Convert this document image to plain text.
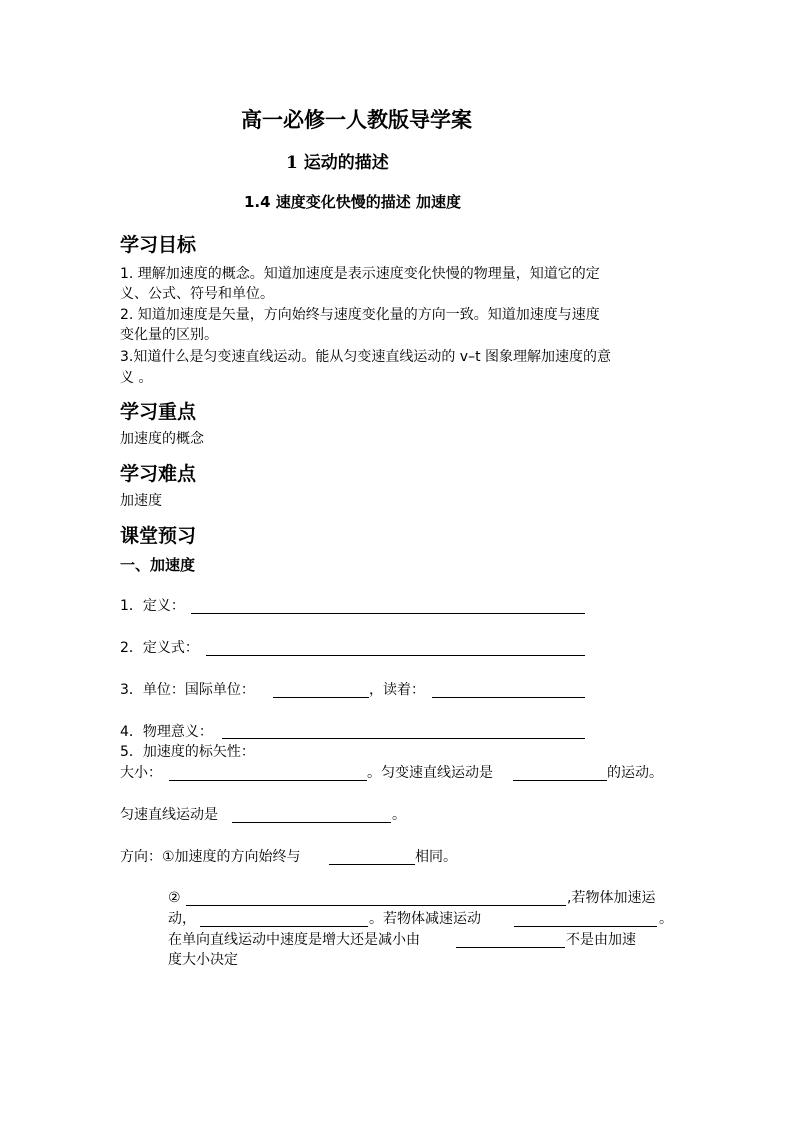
高一必修一人教版导学案
1 运动的描述
1.4 速度变化快慢的描述 加速度
学习目标
1. 理解加速度的概念。知道加速度是表示速度变化快慢的物理量，知道它的定
义、公式、符号和单位。
2. 知道加速度是矢量，方向始终与速度变化量的方向一致。知道加速度与速度
变化量的区别。
3.知道什么是匀变速直线运动。能从匀变速直线运动的 v–t 图象理解加速度的意
义 。
学习重点
加速度的概念
学习难点
加速度
课堂预习
一、加速度
1．定义：
2．定义式：
3．单位：国际单位：	，读着：
4．物理意义：
5．加速度的标矢性：
大小：	。匀变速直线运动是	的运动。
匀速直线运动是	。
方向：①加速度的方向始终与	相同。
②	,若物体加速运
动，	。若物体减速运动	。
在单向直线运动中速度是增大还是减小由	不是由加速
度大小决定
